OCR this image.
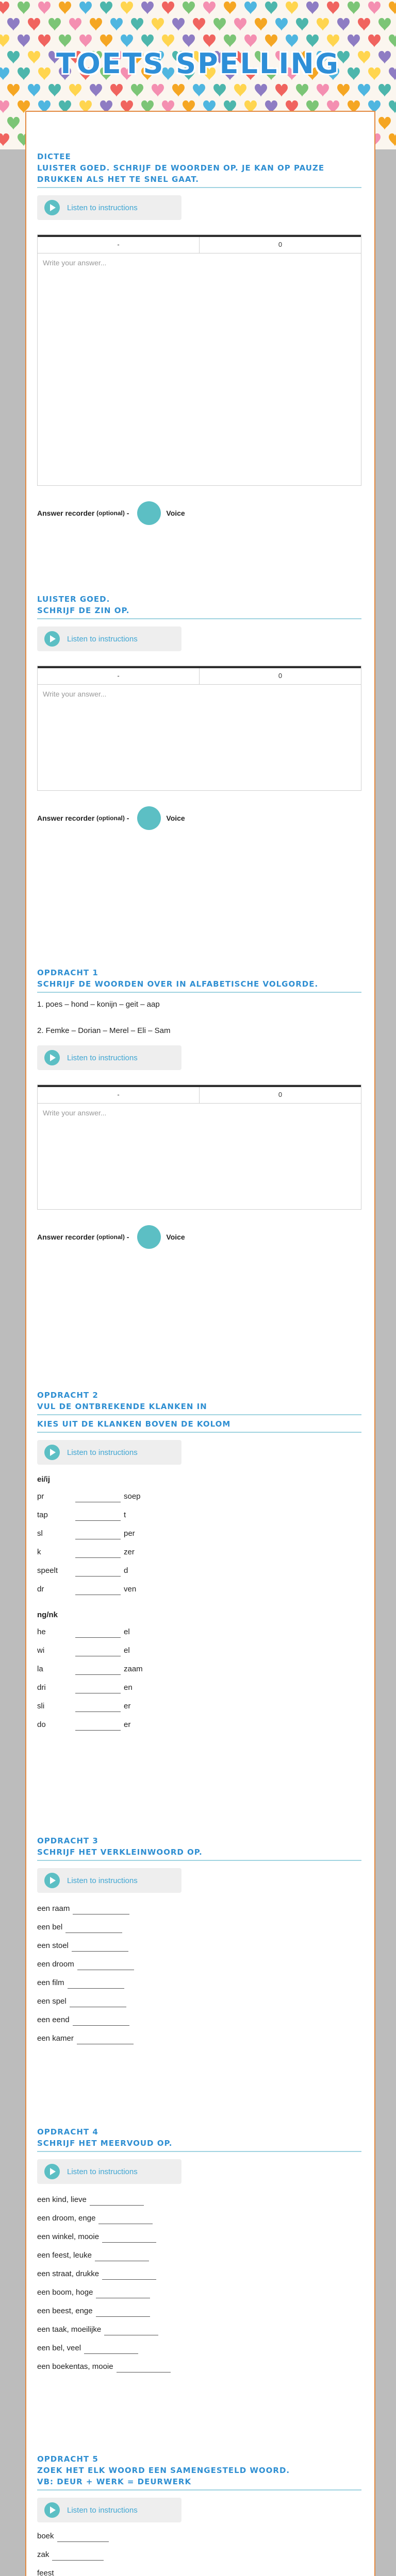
TOETS SPELLING
DICTEE
LUISTER GOED. SCHRIJF DE WOORDEN OP. JE KAN OP PAUZE DRUKKEN ALS HET TE SNEL GAAT.
Listen to instructions
-	0
Write your answer...
Answer recorder
(optional)
-	Voice
LUISTER GOED.
SCHRIJF DE ZIN OP.
Listen to instructions
-	0
Write your answer...
Answer recorder
(optional)
-	Voice
OPDRACHT 1
SCHRIJF DE WOORDEN OVER IN ALFABETISCHE VOLGORDE.
1. poes – hond – konijn – geit – aap
2. Femke – Dorian – Merel – Eli – Sam
Listen to instructions
-	0
Write your answer...
Answer recorder
(optional)
-	Voice
OPDRACHT 2
VUL DE ONTBREKENDE KLANKEN IN
KIES UIT DE KLANKEN BOVEN DE KOLOM
Listen to instructions
ei/ij
pr	soep
tap	t
sl	per
k	zer
speelt	d
dr	ven
ng/nk
he	el
wi	el
la	zaam
dri	en
sli	er
do	er
OPDRACHT 3
SCHRIJF HET VERKLEINWOORD OP.
Listen to instructions
een raam
een bel
een stoel
een droom
een film
een spel
een eend
een kamer
OPDRACHT 4
SCHRIJF HET MEERVOUD OP.
Listen to instructions
een kind, lieve
een droom, enge
een winkel, mooie
een feest, leuke
een straat, drukke
een boom, hoge
een beest, enge
een taak, moeilijke
een bel, veel
een boekentas, mooie
OPDRACHT 5
ZOEK HET ELK WOORD EEN SAMENGESTELD WOORD.
VB: DEUR + WERK = DEURWERK
Listen to instructions
boek
zak
feest
